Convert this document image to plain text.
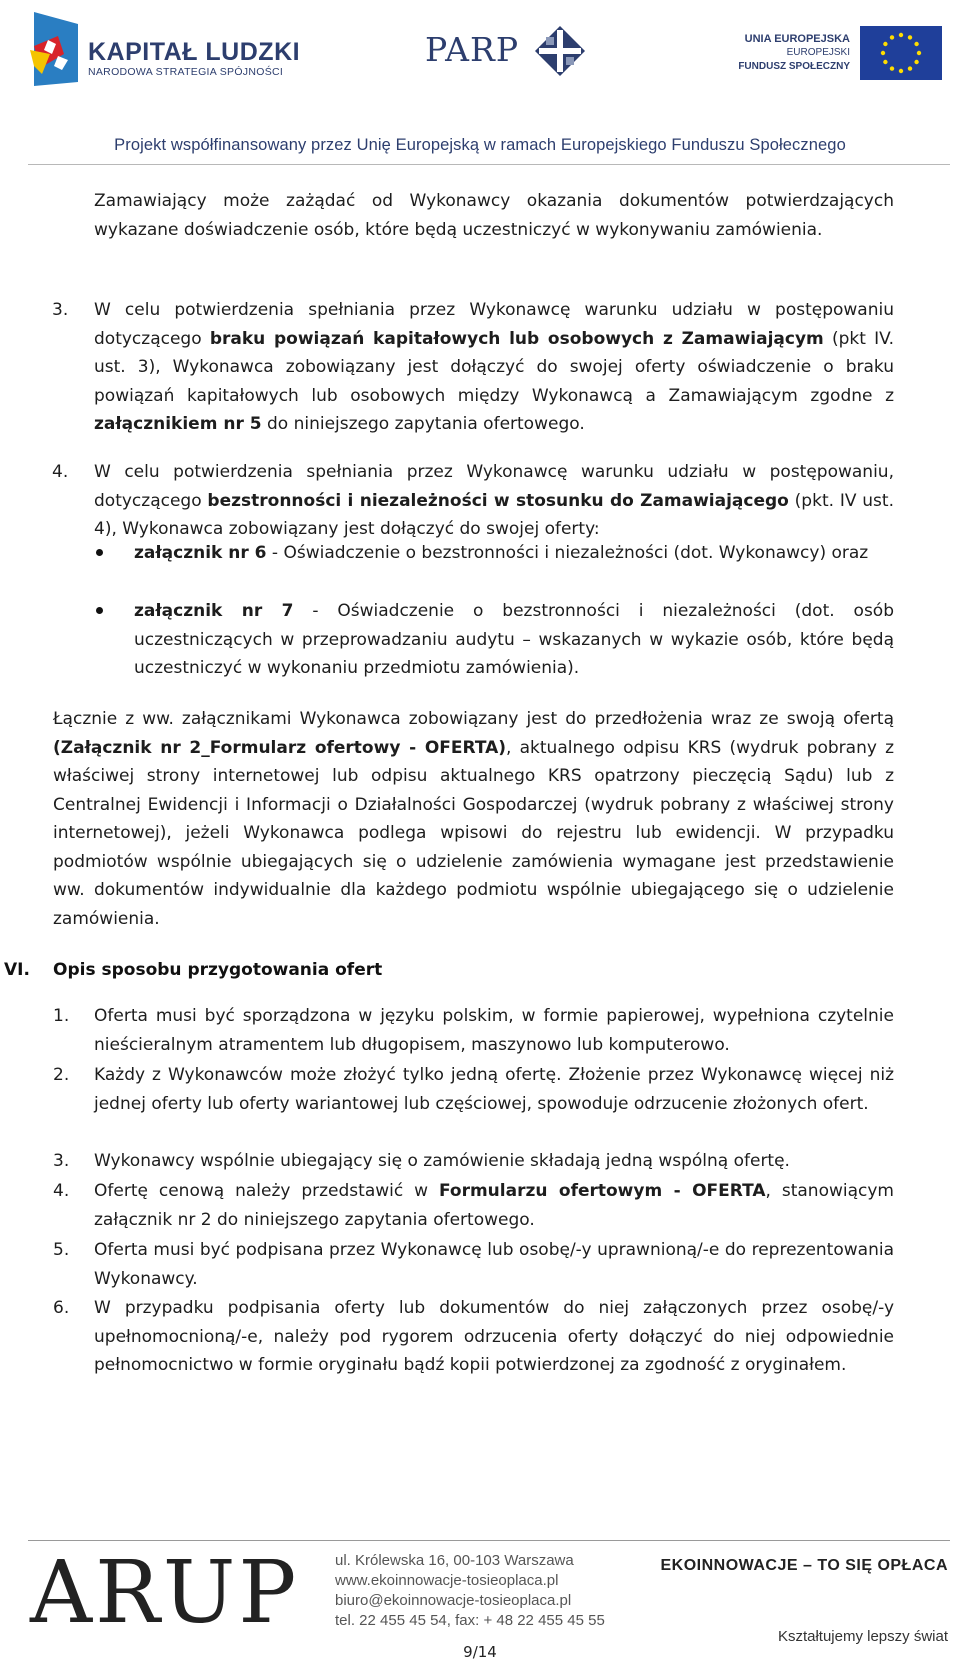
KAPITAŁ LUDZKI
NARODOWA STRATEGIA SPÓJNOŚCI
PARP	UNIA EUROPEJSKA
EUROPEJSKI
FUNDUSZ SPOŁECZNY
Projekt współfinansowany przez Unię Europejską w ramach Europejskiego Funduszu Społecznego
Zamawiający może zażądać od Wykonawcy okazania dokumentów potwierdzających wykazane doświadczenie osób, które będą uczestniczyć w wykonywaniu zamówienia.
3. W celu potwierdzenia spełniania przez Wykonawcę warunku udziału w postępowaniu dotyczącego braku powiązań kapitałowych lub osobowych z Zamawiającym (pkt IV. ust. 3), Wykonawca zobowiązany jest dołączyć do swojej oferty oświadczenie o braku powiązań kapitałowych lub osobowych między Wykonawcą a Zamawiającym zgodne z załącznikiem nr 5 do niniejszego zapytania ofertowego.
4. W celu potwierdzenia spełniania przez Wykonawcę warunku udziału w postępowaniu, dotyczącego bezstronności i niezależności w stosunku do Zamawiającego (pkt. IV ust. 4), Wykonawca zobowiązany jest dołączyć do swojej oferty:
załącznik nr 6 - Oświadczenie o bezstronności i niezależności (dot. Wykonawcy) oraz
załącznik nr 7 - Oświadczenie o bezstronności i niezależności (dot. osób uczestniczących w przeprowadzaniu audytu – wskazanych w wykazie osób, które będą uczestniczyć w wykonaniu przedmiotu zamówienia).
Łącznie z ww. załącznikami Wykonawca zobowiązany jest do przedłożenia wraz ze swoją ofertą (Załącznik nr 2_Formularz ofertowy - OFERTA), aktualnego odpisu KRS (wydruk pobrany z właściwej strony internetowej lub odpisu aktualnego KRS opatrzony pieczęcią Sądu) lub z Centralnej Ewidencji i Informacji o Działalności Gospodarczej (wydruk pobrany z właściwej strony internetowej), jeżeli Wykonawca podlega wpisowi do rejestru lub ewidencji. W przypadku podmiotów wspólnie ubiegających się o udzielenie zamówienia wymagane jest przedstawienie ww. dokumentów indywidualnie dla każdego podmiotu wspólnie ubiegającego się o udzielenie zamówienia.
VI. Opis sposobu przygotowania ofert
1. Oferta musi być sporządzona w języku polskim, w formie papierowej, wypełniona czytelnie nieścieralnym atramentem lub długopisem, maszynowo lub komputerowo.
2. Każdy z Wykonawców może złożyć tylko jedną ofertę. Złożenie przez Wykonawcę więcej niż jednej oferty lub oferty wariantowej lub częściowej, spowoduje odrzucenie złożonych ofert.
3. Wykonawcy wspólnie ubiegający się o zamówienie składają jedną wspólną ofertę.
4. Ofertę cenową należy przedstawić w Formularzu ofertowym - OFERTA, stanowiącym załącznik nr 2 do niniejszego zapytania ofertowego.
5. Oferta musi być podpisana przez Wykonawcę lub osobę/-y uprawnioną/-e do reprezentowania Wykonawcy.
6. W przypadku podpisania oferty lub dokumentów do niej załączonych przez osobę/-y upełnomocnioną/-e, należy pod rygorem odrzucenia oferty dołączyć do niej odpowiednie pełnomocnictwo w formie oryginału bądź kopii potwierdzonej za zgodność z oryginałem.
ARUP ul. Królewska 16, 00-103 Warszawa
www.ekoinnowacje-tosieoplaca.pl
biuro@ekoinnowacje-tosieoplaca.pl
tel. 22 455 45 54, fax: + 48 22 455 45 55
EKOINNOWACJE – TO SIĘ OPŁACA
Kształtujemy lepszy świat
9/14
